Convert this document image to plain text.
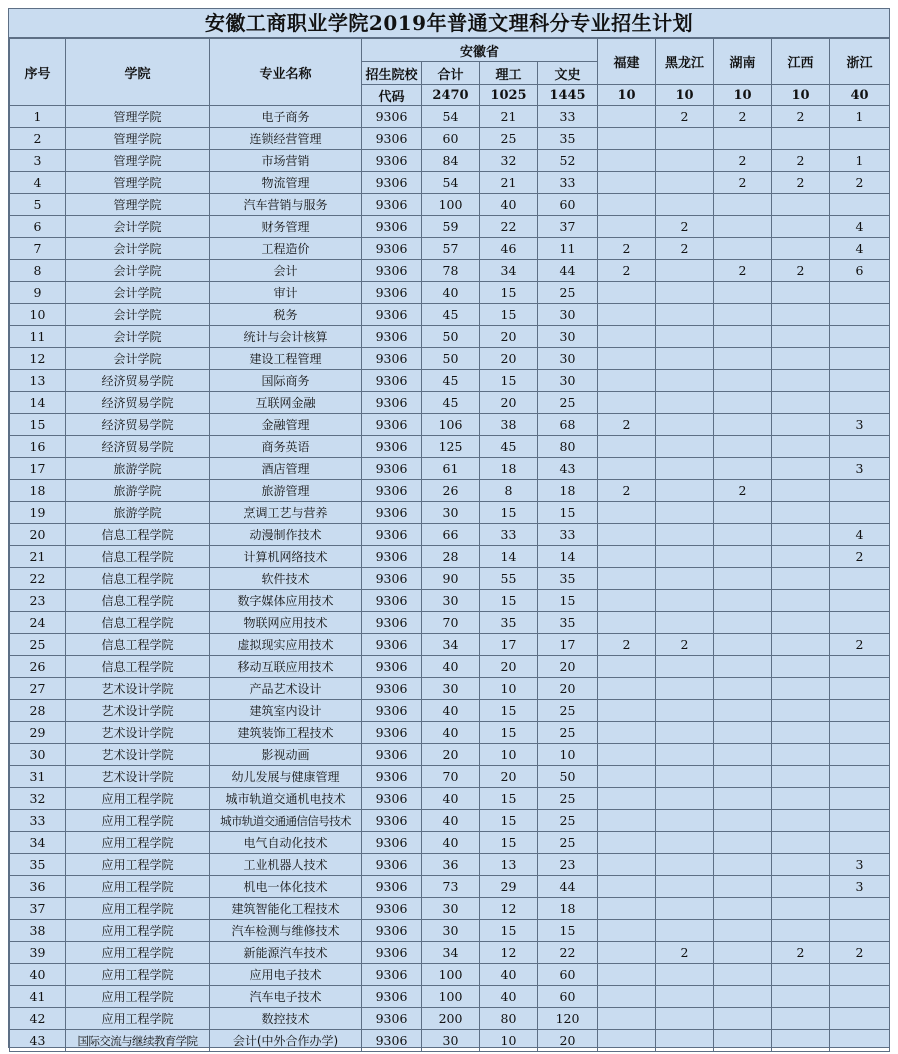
安徽工商职业学院2019年普通文理科分专业招生计划
序号	学院	专业名称	安徽省				福建	黑龙江	湖南	江西	浙江
			招生院校	合计	理工	文史					
			代码	2470	1025	1445	10	10	10	10	40
1	管理学院	电子商务	9306	54	21	33		2	2	2	1
2	管理学院	连锁经营管理	9306	60	25	35					
3	管理学院	市场营销	9306	84	32	52			2	2	1
4	管理学院	物流管理	9306	54	21	33			2	2	2
5	管理学院	汽车营销与服务	9306	100	40	60					
6	会计学院	财务管理	9306	59	22	37		2			4
7	会计学院	工程造价	9306	57	46	11	2	2			4
8	会计学院	会计	9306	78	34	44	2		2	2	6
9	会计学院	审计	9306	40	15	25					
10	会计学院	税务	9306	45	15	30					
11	会计学院	统计与会计核算	9306	50	20	30					
12	会计学院	建设工程管理	9306	50	20	30					
13	经济贸易学院	国际商务	9306	45	15	30					
14	经济贸易学院	互联网金融	9306	45	20	25					
15	经济贸易学院	金融管理	9306	106	38	68	2				3
16	经济贸易学院	商务英语	9306	125	45	80					
17	旅游学院	酒店管理	9306	61	18	43					3
18	旅游学院	旅游管理	9306	26	8	18	2		2		
19	旅游学院	烹调工艺与营养	9306	30	15	15					
20	信息工程学院	动漫制作技术	9306	66	33	33					4
21	信息工程学院	计算机网络技术	9306	28	14	14					2
22	信息工程学院	软件技术	9306	90	55	35					
23	信息工程学院	数字媒体应用技术	9306	30	15	15					
24	信息工程学院	物联网应用技术	9306	70	35	35					
25	信息工程学院	虚拟现实应用技术	9306	34	17	17	2	2			2
26	信息工程学院	移动互联应用技术	9306	40	20	20					
27	艺术设计学院	产品艺术设计	9306	30	10	20					
28	艺术设计学院	建筑室内设计	9306	40	15	25					
29	艺术设计学院	建筑装饰工程技术	9306	40	15	25					
30	艺术设计学院	影视动画	9306	20	10	10					
31	艺术设计学院	幼儿发展与健康管理	9306	70	20	50					
32	应用工程学院	城市轨道交通机电技术	9306	40	15	25					
33	应用工程学院	城市轨道交通通信信号技术	9306	40	15	25					
34	应用工程学院	电气自动化技术	9306	40	15	25					
35	应用工程学院	工业机器人技术	9306	36	13	23					3
36	应用工程学院	机电一体化技术	9306	73	29	44					3
37	应用工程学院	建筑智能化工程技术	9306	30	12	18					
38	应用工程学院	汽车检测与维修技术	9306	30	15	15					
39	应用工程学院	新能源汽车技术	9306	34	12	22		2		2	2
40	应用工程学院	应用电子技术	9306	100	40	60					
41	应用工程学院	汽车电子技术	9306	100	40	60					
42	应用工程学院	数控技术	9306	200	80	120					
43	国际交流与继续教育学院	会计(中外合作办学)	9306	30	10	20					
